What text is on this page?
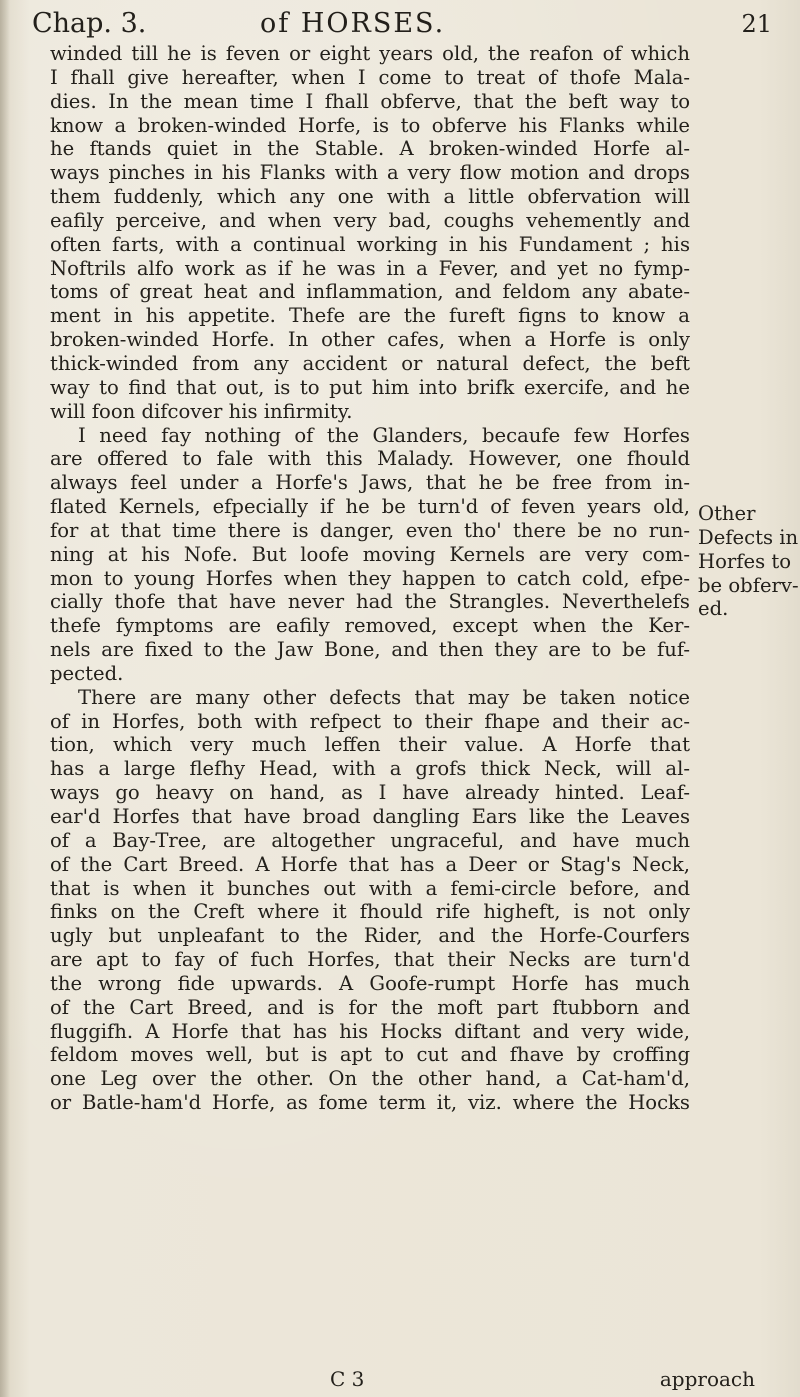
Chap. 3.	of HORSES.	21
winded till he is feven or eight years old, the reafon of which
I fhall give hereafter, when I come to treat of thofe Mala-
dies. In the mean time I fhall obferve, that the beft way to
know a broken-winded Horfe, is to obferve his Flanks while
he ftands quiet in the Stable. A broken-winded Horfe al-
ways pinches in his Flanks with a very flow motion and drops
them fuddenly, which any one with a little obfervation will
eafily perceive, and when very bad, coughs vehemently and
often farts, with a continual working in his Fundament ; his
Noftrils alfo work as if he was in a Fever, and yet no fymp-
toms of great heat and inflammation, and feldom any abate-
ment in his appetite. Thefe are the fureft figns to know a
broken-winded Horfe. In other cafes, when a Horfe is only
thick-winded from any accident or natural defect, the beft
way to find that out, is to put him into brifk exercife, and he
will foon difcover his infirmity.
I need fay nothing of the Glanders, becaufe few Horfes
are offered to fale with this Malady. However, one fhould
always feel under a Horfe's Jaws, that he be free from in-
flated Kernels, efpecially if he be turn'd of feven years old,
for at that time there is danger, even tho' there be no run-
ning at his Nofe. But loofe moving Kernels are very com-
mon to young Horfes when they happen to catch cold, efpe-
cially thofe that have never had the Strangles. Neverthelefs
thefe fymptoms are eafily removed, except when the Ker-
nels are fixed to the Jaw Bone, and then they are to be fuf-
pected.
There are many other defects that may be taken notice
of in Horfes, both with refpect to their fhape and their ac-
tion, which very much leffen their value. A Horfe that
has a large flefhy Head, with a grofs thick Neck, will al-
ways go heavy on hand, as I have already hinted. Leaf-
ear'd Horfes that have broad dangling Ears like the Leaves
of a Bay-Tree, are altogether ungraceful, and have much
of the Cart Breed. A Horfe that has a Deer or Stag's Neck,
that is when it bunches out with a femi-circle before, and
finks on the Creft where it fhould rife higheft, is not only
ugly but unpleafant to the Rider, and the Horfe-Courfers
are apt to fay of fuch Horfes, that their Necks are turn'd
the wrong fide upwards. A Goofe-rumpt Horfe has much
of the Cart Breed, and is for the moft part ftubborn and
fluggifh. A Horfe that has his Hocks diftant and very wide,
feldom moves well, but is apt to cut and fhave by croffing
one Leg over the other. On the other hand, a Cat-ham'd,
or Batle-ham'd Horfe, as fome term it, viz. where the Hocks
Other
Defects in
Horfes to
be obferv-
ed.
C 3	approach
